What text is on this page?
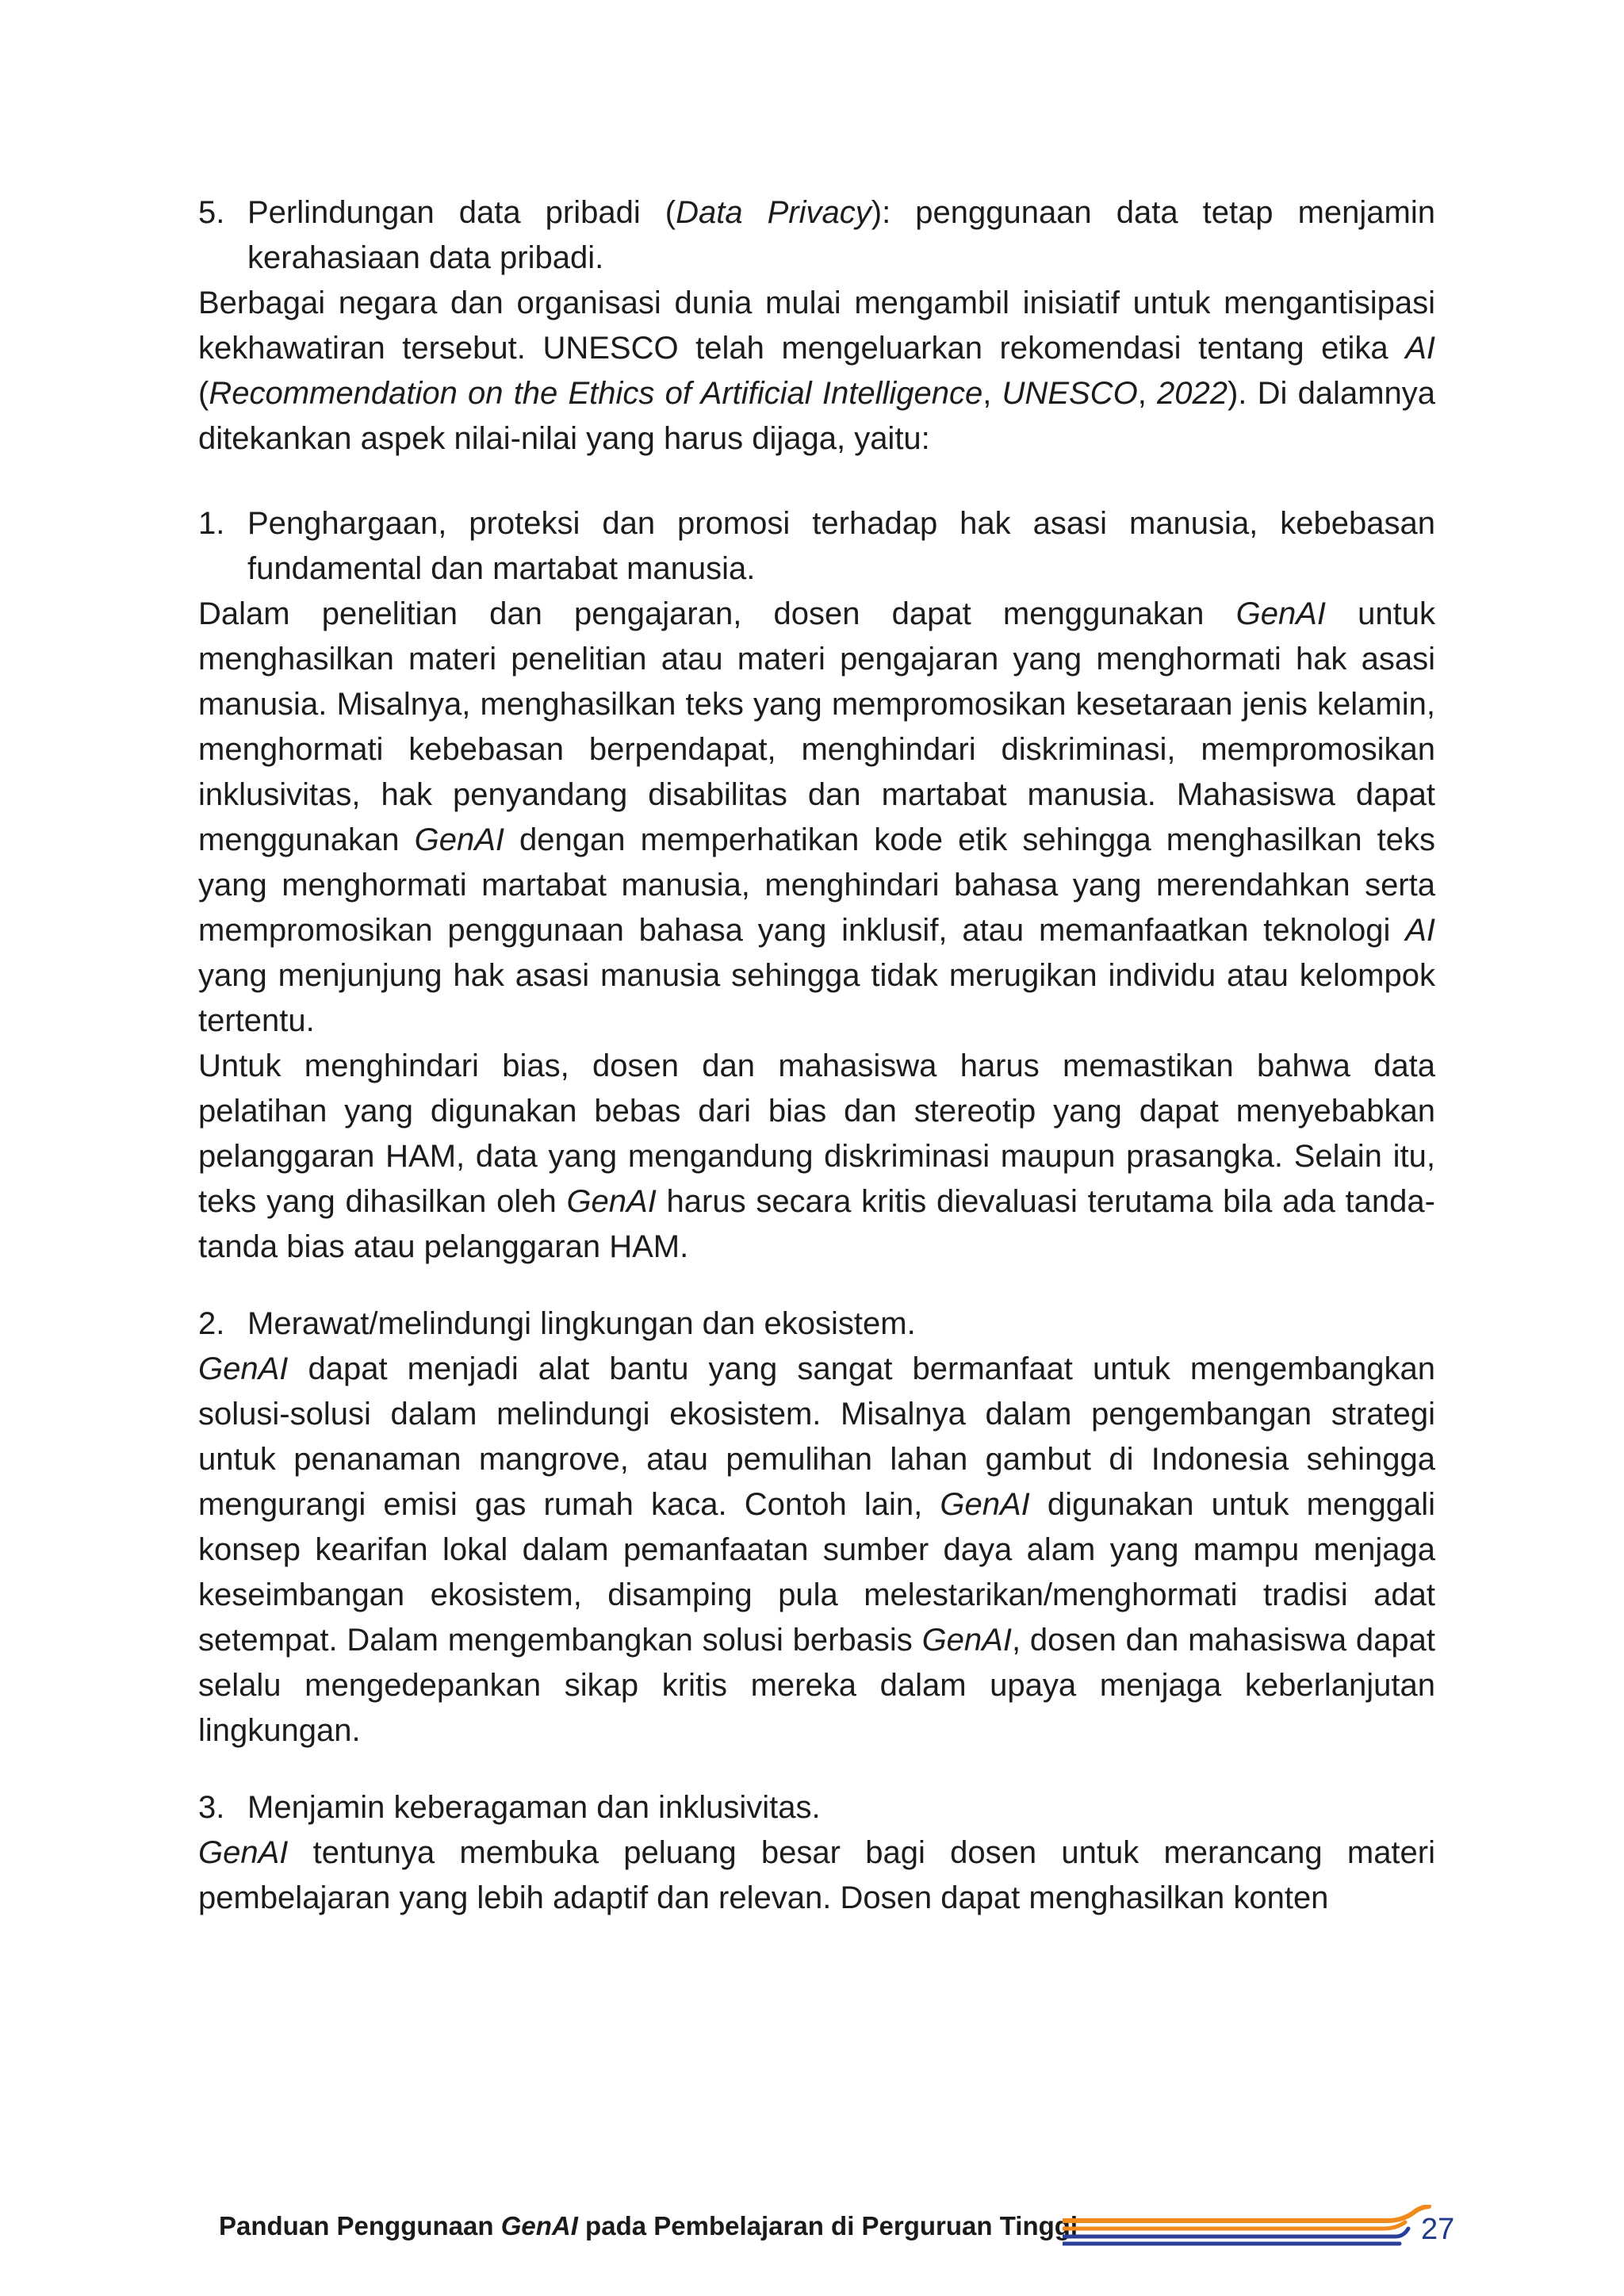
5. Perlindungan data pribadi (Data Privacy): penggunaan data tetap menjamin kerahasiaan data pribadi.

Berbagai negara dan organisasi dunia mulai mengambil inisiatif untuk mengantisipasi kekhawatiran tersebut. UNESCO telah mengeluarkan rekomendasi tentang etika AI (Recommendation on the Ethics of Artificial Intelligence, UNESCO, 2022). Di dalamnya ditekankan aspek nilai-nilai yang harus dijaga, yaitu:

1. Penghargaan, proteksi dan promosi terhadap hak asasi manusia, kebebasan fundamental dan martabat manusia.

Dalam penelitian dan pengajaran, dosen dapat menggunakan GenAI untuk menghasilkan materi penelitian atau materi pengajaran yang menghormati hak asasi manusia. Misalnya, menghasilkan teks yang mempromosikan kesetaraan jenis kelamin, menghormati kebebasan berpendapat, menghindari diskriminasi, mempromosikan inklusivitas, hak penyandang disabilitas dan martabat manusia. Mahasiswa dapat menggunakan GenAI dengan memperhatikan kode etik sehingga menghasilkan teks yang menghormati martabat manusia, menghindari bahasa yang merendahkan serta mempromosikan penggunaan bahasa yang inklusif, atau memanfaatkan teknologi AI yang menjunjung hak asasi manusia sehingga tidak merugikan individu atau kelompok tertentu.

Untuk menghindari bias, dosen dan mahasiswa harus memastikan bahwa data pelatihan yang digunakan bebas dari bias dan stereotip yang dapat menyebabkan pelanggaran HAM, data yang mengandung diskriminasi maupun prasangka. Selain itu, teks yang dihasilkan oleh GenAI harus secara kritis dievaluasi terutama bila ada tanda-tanda bias atau pelanggaran HAM.

2. Merawat/melindungi lingkungan dan ekosistem.

GenAI dapat menjadi alat bantu yang sangat bermanfaat untuk mengembangkan solusi-solusi dalam melindungi ekosistem. Misalnya dalam pengembangan strategi untuk penanaman mangrove, atau pemulihan lahan gambut di Indonesia sehingga mengurangi emisi gas rumah kaca. Contoh lain, GenAI digunakan untuk menggali konsep kearifan lokal dalam pemanfaatan sumber daya alam yang mampu menjaga keseimbangan ekosistem, disamping pula melestarikan/menghormati tradisi adat setempat. Dalam mengembangkan solusi berbasis GenAI, dosen dan mahasiswa dapat selalu mengedepankan sikap kritis mereka dalam upaya menjaga keberlanjutan lingkungan.

3. Menjamin keberagaman dan inklusivitas.

GenAI tentunya membuka peluang besar bagi dosen untuk merancang materi pembelajaran yang lebih adaptif dan relevan. Dosen dapat menghasilkan konten

Panduan Penggunaan GenAI pada Pembelajaran di Perguruan Tinggi	27
